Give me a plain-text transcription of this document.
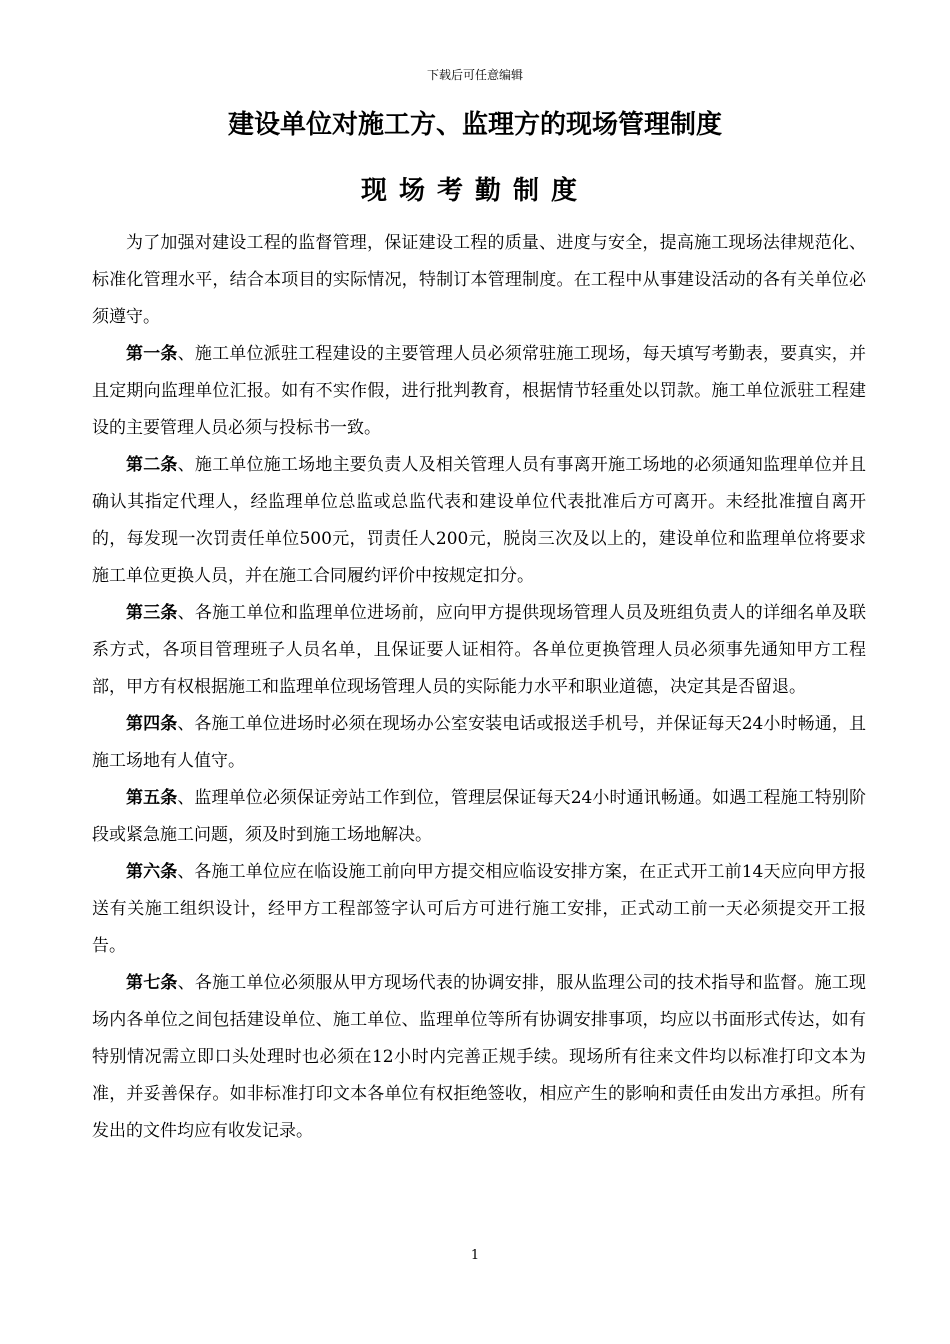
下载后可任意编辑
建设单位对施工方、监理方的现场管理制度
现场考勤制度

为了加强对建设工程的监督管理，保证建设工程的质量、进度与安全，提高施工现场法律规范化、标准化管理水平，结合本项目的实际情况，特制订本管理制度。在工程中从事建设活动的各有关单位必须遵守。

第一条、施工单位派驻工程建设的主要管理人员必须常驻施工现场，每天填写考勤表，要真实，并且定期向监理单位汇报。如有不实作假，进行批判教育，根据情节轻重处以罚款。施工单位派驻工程建设的主要管理人员必须与投标书一致。

第二条、施工单位施工场地主要负责人及相关管理人员有事离开施工场地的必须通知监理单位并且确认其指定代理人，经监理单位总监或总监代表和建设单位代表批准后方可离开。未经批准擅自离开的，每发现一次罚责任单位500元，罚责任人200元，脱岗三次及以上的，建设单位和监理单位将要求施工单位更换人员，并在施工合同履约评价中按规定扣分。

第三条、各施工单位和监理单位进场前，应向甲方提供现场管理人员及班组负责人的详细名单及联系方式，各项目管理班子人员名单，且保证要人证相符。各单位更换管理人员必须事先通知甲方工程部，甲方有权根据施工和监理单位现场管理人员的实际能力水平和职业道德，决定其是否留退。

第四条、各施工单位进场时必须在现场办公室安装电话或报送手机号，并保证每天24小时畅通，且施工场地有人值守。

第五条、监理单位必须保证旁站工作到位，管理层保证每天24小时通讯畅通。如遇工程施工特别阶段或紧急施工问题，须及时到施工场地解决。

第六条、各施工单位应在临设施工前向甲方提交相应临设安排方案，在正式开工前14天应向甲方报送有关施工组织设计，经甲方工程部签字认可后方可进行施工安排，正式动工前一天必须提交开工报告。

第七条、各施工单位必须服从甲方现场代表的协调安排，服从监理公司的技术指导和监督。施工现场内各单位之间包括建设单位、施工单位、监理单位等所有协调安排事项，均应以书面形式传达，如有特别情况需立即口头处理时也必须在12小时内完善正规手续。现场所有往来文件均以标准打印文本为准，并妥善保存。如非标准打印文本各单位有权拒绝签收，相应产生的影响和责任由发出方承担。所有发出的文件均应有收发记录。

1
